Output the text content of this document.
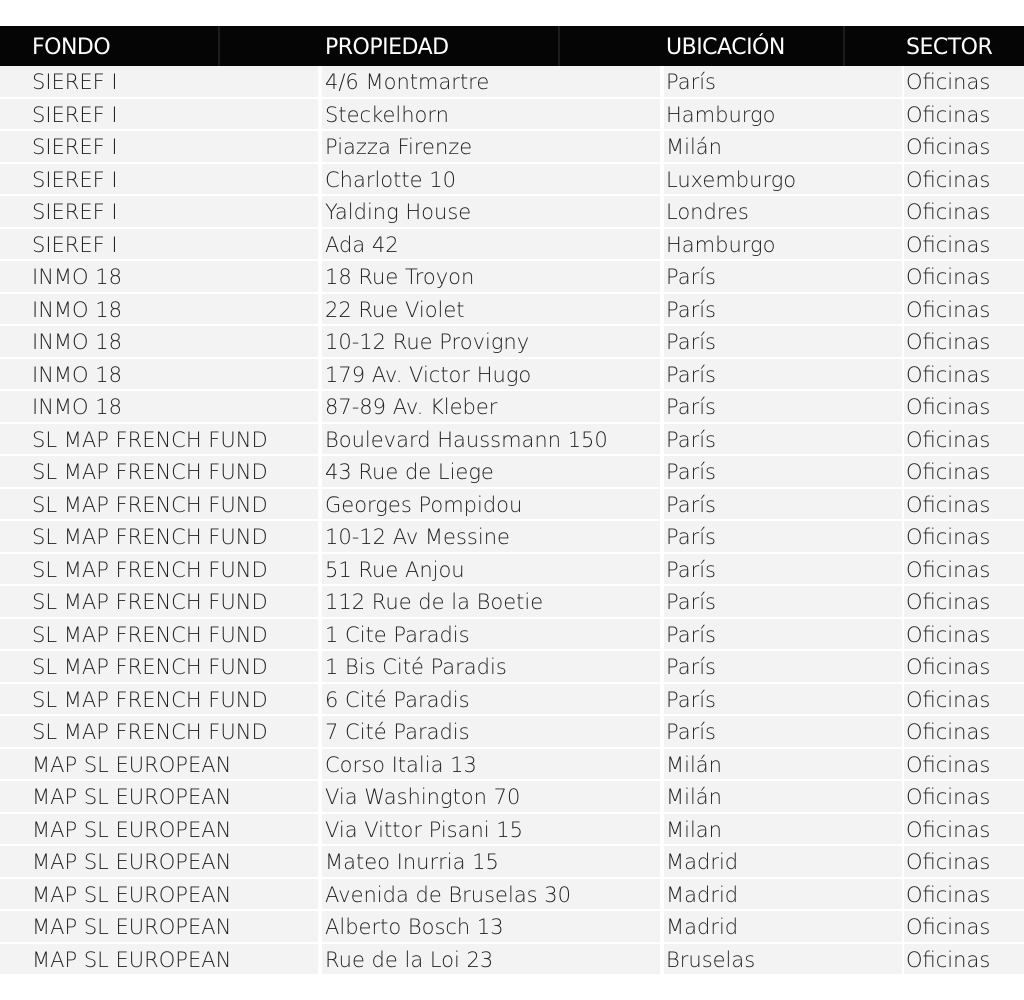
FONDO	PROPIEDAD	UBICACIÓN	SECTOR
SIEREF I	4/6 Montmartre	París	Oficinas
SIEREF I	Steckelhorn	Hamburgo	Oficinas
SIEREF I	Piazza Firenze	Milán	Oficinas
SIEREF I	Charlotte 10	Luxemburgo	Oficinas
SIEREF I	Yalding House	Londres	Oficinas
SIEREF I	Ada 42	Hamburgo	Oficinas
INMO 18	18 Rue Troyon	París	Oficinas
INMO 18	22 Rue Violet	París	Oficinas
INMO 18	10-12 Rue Provigny	París	Oficinas
INMO 18	179 Av. Victor Hugo	París	Oficinas
INMO 18	87-89 Av. Kleber	París	Oficinas
SL MAP FRENCH FUND	Boulevard Haussmann 150	París	Oficinas
SL MAP FRENCH FUND	43 Rue de Liege	París	Oficinas
SL MAP FRENCH FUND	Georges Pompidou	París	Oficinas
SL MAP FRENCH FUND	10-12 Av Messine	París	Oficinas
SL MAP FRENCH FUND	51 Rue Anjou	París	Oficinas
SL MAP FRENCH FUND	112 Rue de la Boetie	París	Oficinas
SL MAP FRENCH FUND	1 Cite Paradis	París	Oficinas
SL MAP FRENCH FUND	1 Bis Cité Paradis	París	Oficinas
SL MAP FRENCH FUND	6 Cité Paradis	París	Oficinas
SL MAP FRENCH FUND	7 Cité Paradis	París	Oficinas
MAP SL EUROPEAN	Corso Italia 13	Milán	Oficinas
MAP SL EUROPEAN	Via Washington 70	Milán	Oficinas
MAP SL EUROPEAN	Via Vittor Pisani 15	Milan	Oficinas
MAP SL EUROPEAN	Mateo Inurria 15	Madrid	Oficinas
MAP SL EUROPEAN	Avenida de Bruselas 30	Madrid	Oficinas
MAP SL EUROPEAN	Alberto Bosch 13	Madrid	Oficinas
MAP SL EUROPEAN	Rue de la Loi 23	Bruselas	Oficinas
